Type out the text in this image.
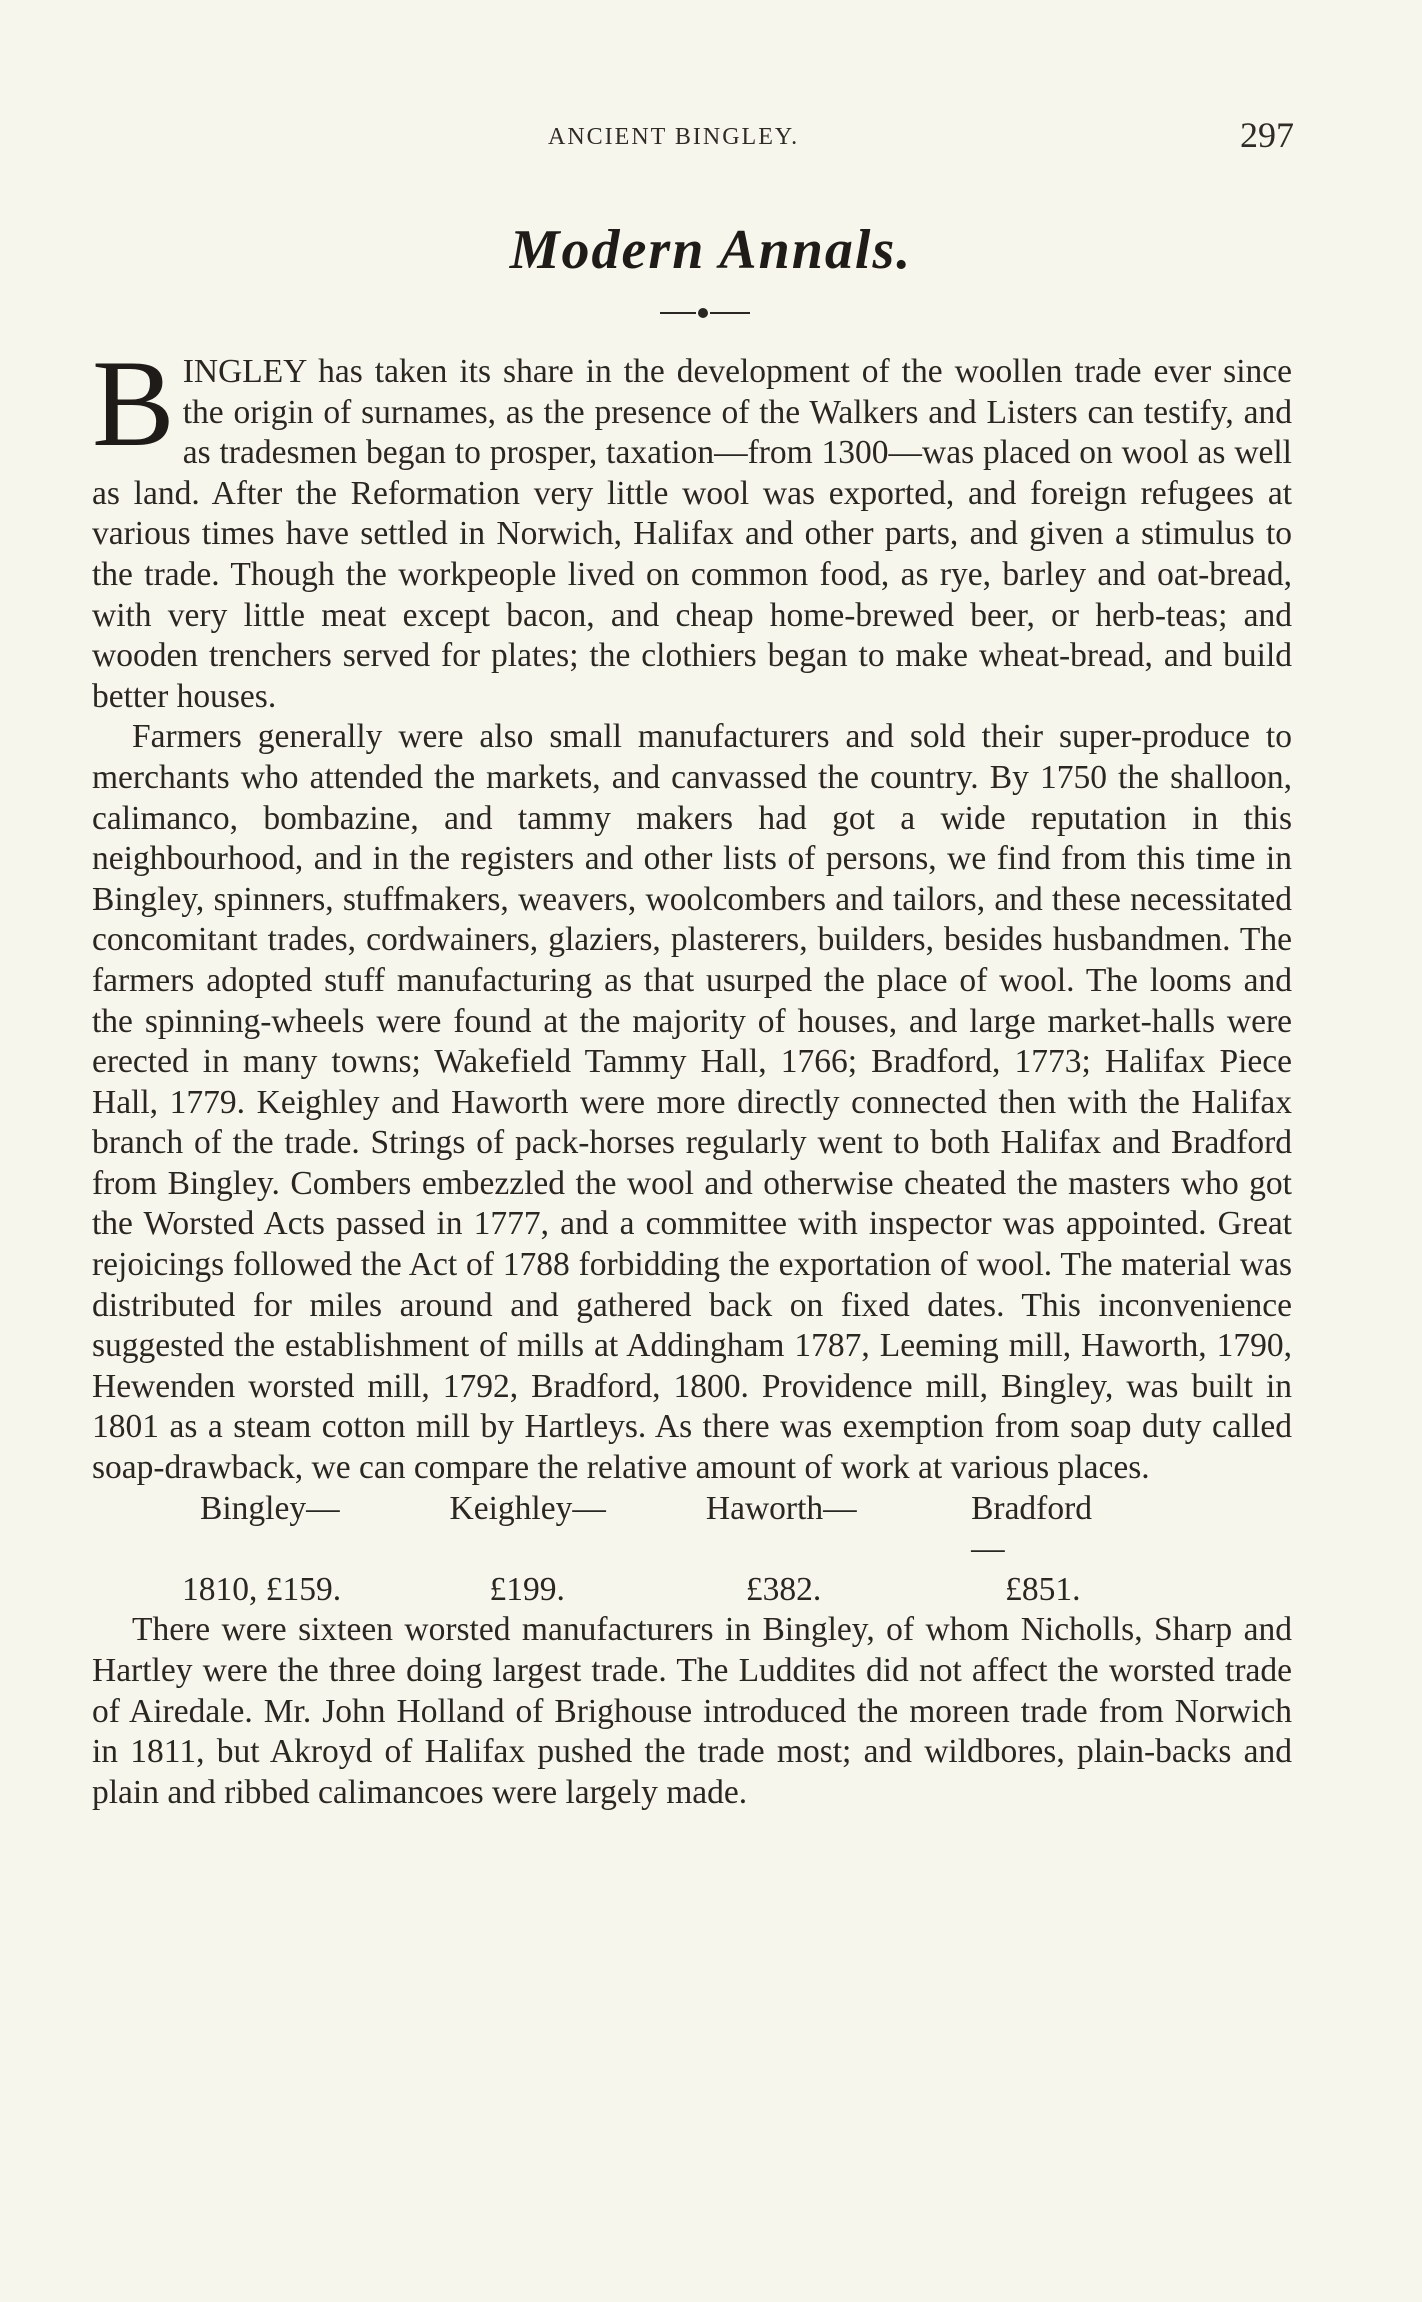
ANCIENT BINGLEY.	297
Modern Annals.

BINGLEY has taken its share in the development of the woollen trade ever since the origin of surnames, as the presence of the Walkers and Listers can testify, and as tradesmen began to prosper, taxation—from 1300—was placed on wool as well as land. After the Reformation very little wool was exported, and foreign refugees at various times have settled in Norwich, Halifax and other parts, and given a stimulus to the trade. Though the workpeople lived on common food, as rye, barley and oat-bread, with very little meat except bacon, and cheap home-brewed beer, or herb-teas; and wooden trenchers served for plates; the clothiers began to make wheat-bread, and build better houses.

Farmers generally were also small manufacturers and sold their super-produce to merchants who attended the markets, and canvassed the country. By 1750 the shalloon, calimanco, bombazine, and tammy makers had got a wide reputation in this neighbourhood, and in the registers and other lists of persons, we find from this time in Bingley, spinners, stuffmakers, weavers, woolcombers and tailors, and these necessitated concomitant trades, cordwainers, glaziers, plasterers, builders, besides husbandmen. The farmers adopted stuff manufacturing as that usurped the place of wool. The looms and the spinning-wheels were found at the majority of houses, and large market-halls were erected in many towns; Wakefield Tammy Hall, 1766; Bradford, 1773; Halifax Piece Hall, 1779. Keighley and Haworth were more directly connected then with the Halifax branch of the trade. Strings of pack-horses regularly went to both Halifax and Bradford from Bingley. Combers embezzled the wool and otherwise cheated the masters who got the Worsted Acts passed in 1777, and a committee with inspector was appointed. Great rejoicings followed the Act of 1788 forbidding the exportation of wool. The material was distributed for miles around and gathered back on fixed dates. This inconvenience suggested the establishment of mills at Addingham 1787, Leeming mill, Haworth, 1790, Hewenden worsted mill, 1792, Bradford, 1800. Providence mill, Bingley, was built in 1801 as a steam cotton mill by Hartleys. As there was exemption from soap duty called soap-drawback, we can compare the relative amount of work at various places.

Bingley—	Keighley—	Haworth—	Bradford—
1810, £159.	£199.	£382.	£851.

There were sixteen worsted manufacturers in Bingley, of whom Nicholls, Sharp and Hartley were the three doing largest trade. The Luddites did not affect the worsted trade of Airedale. Mr. John Holland of Brighouse introduced the moreen trade from Norwich in 1811, but Akroyd of Halifax pushed the trade most; and wildbores, plain-backs and plain and ribbed calimancoes were largely made.
